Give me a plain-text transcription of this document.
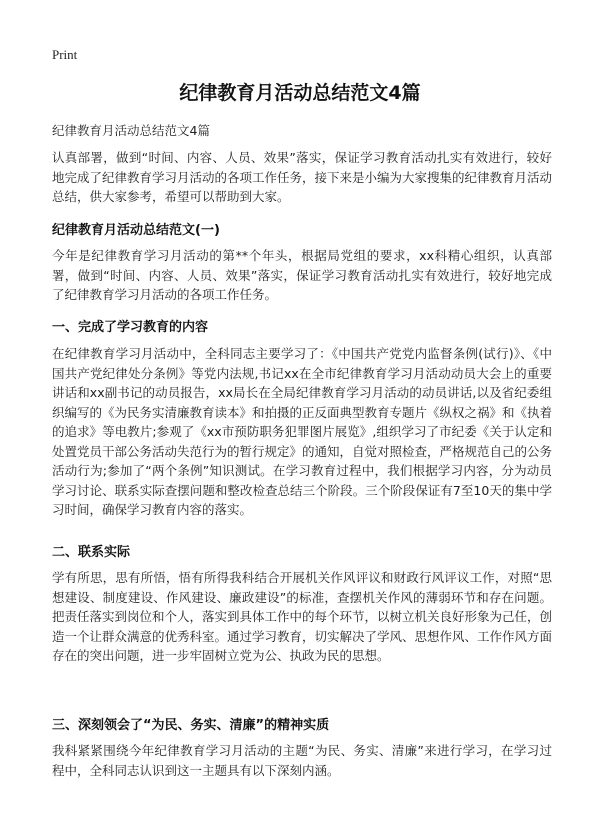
Print
纪律教育月活动总结范文4篇
纪律教育月活动总结范文4篇
认真部署，做到“时间、内容、人员、效果”落实，保证学习教育活动扎实有效进行，较好地完成了纪律教育学习月活动的各项工作任务，接下来是小编为大家搜集的纪律教育月活动总结，供大家参考，希望可以帮助到大家。
纪律教育月活动总结范文(一)
今年是纪律教育学习月活动的第**个年头，根据局党组的要求，xx科精心组织，认真部署，做到“时间、内容、人员、效果”落实，保证学习教育活动扎实有效进行，较好地完成了纪律教育学习月活动的各项工作任务。
一、完成了学习教育的内容
在纪律教育学习月活动中，全科同志主要学习了：《中国共产党党内监督条例(试行)》、《中国共产党纪律处分条例》等党内法规,书记xx在全市纪律教育学习月活动动员大会上的重要讲话和xx副书记的动员报告，xx局长在全局纪律教育学习月活动的动员讲话,以及省纪委组织编写的《为民务实清廉教育读本》和拍摄的正反面典型教育专题片《纵权之祸》和《执着的追求》等电教片;参观了《xx市预防职务犯罪图片展览》,组织学习了市纪委《关于认定和处置党员干部公务活动失范行为的暂行规定》的通知，自觉对照检查，严格规范自己的公务活动行为;参加了“两个条例”知识测试。在学习教育过程中，我们根据学习内容，分为动员学习讨论、联系实际查摆问题和整改检查总结三个阶段。三个阶段保证有7至10天的集中学习时间，确保学习教育内容的落实。
二、联系实际
学有所思，思有所悟，悟有所得我科结合开展机关作风评议和财政行风评议工作，对照“思想建设、制度建设、作风建设、廉政建设”的标准，查摆机关作风的薄弱环节和存在问题。把责任落实到岗位和个人，落实到具体工作中的每个环节，以树立机关良好形象为己任，创造一个让群众满意的优秀科室。通过学习教育，切实解决了学风、思想作风、工作作风方面存在的突出问题，进一步牢固树立党为公、执政为民的思想。
三、深刻领会了“为民、务实、清廉”的精神实质
我科紧紧围绕今年纪律教育学习月活动的主题“为民、务实、清廉”来进行学习，在学习过程中，全科同志认识到这一主题具有以下深刻内涵。
